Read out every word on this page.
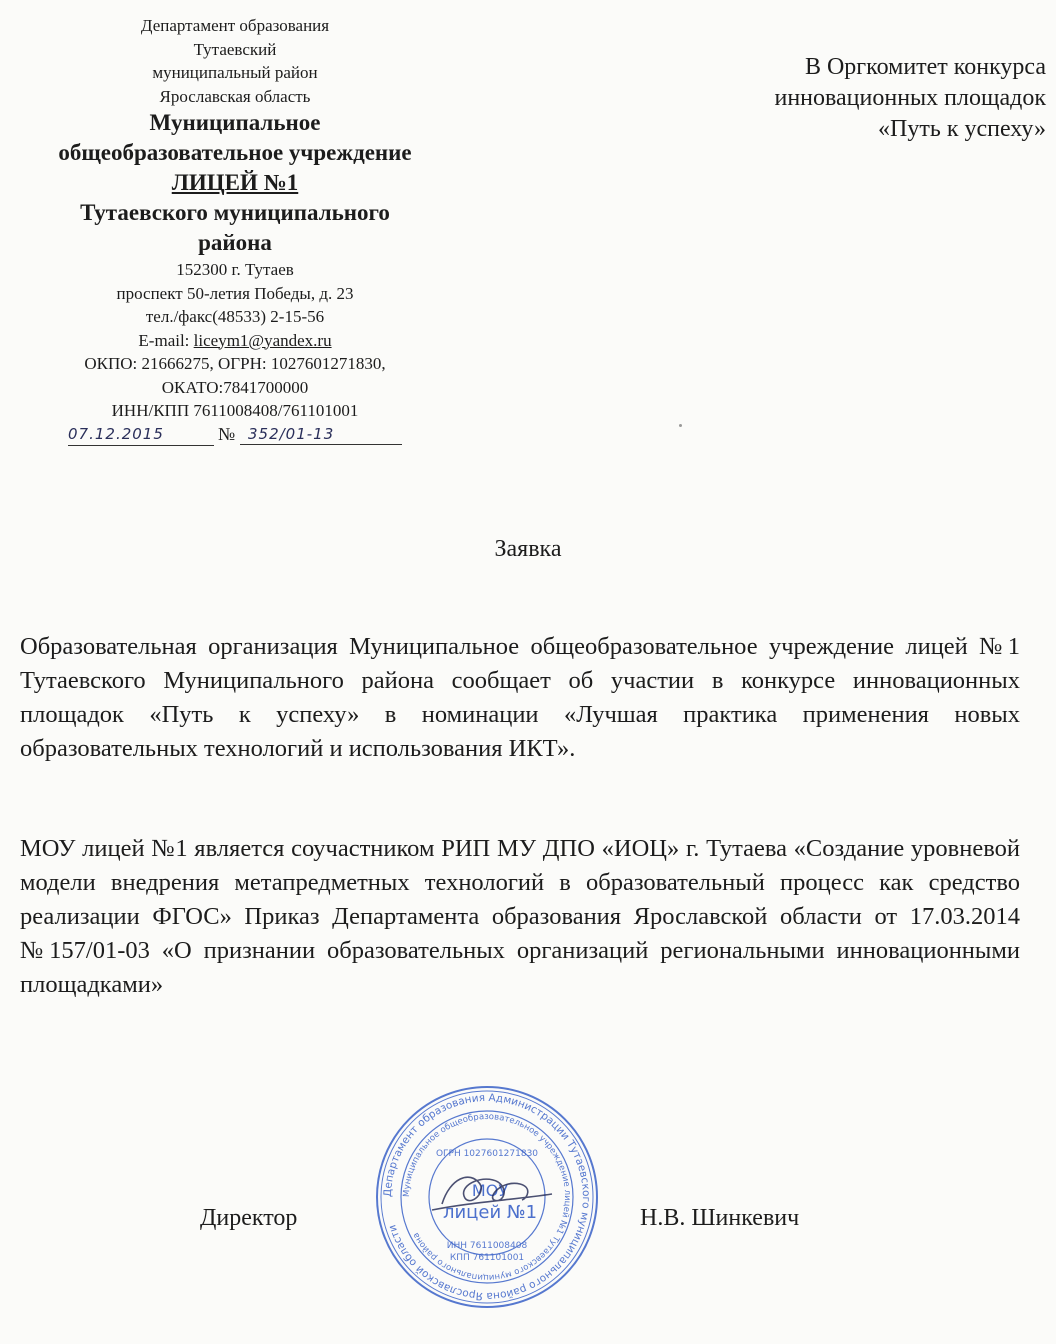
Департамент образования
Тутаевский
муниципальный район
Ярославская область
Муниципальное
общеобразовательное учреждение
ЛИЦЕЙ №1
Тутаевского муниципального
района
152300 г. Тутаев
проспект 50-летия Победы, д. 23
тел./факс(48533) 2-15-56
E-mail: liceym1@yandex.ru
ОКПО: 21666275, ОГРН: 1027601271830,
ОКАТО:7841700000
ИНН/КПП 7611008408/761101001
07.12.2015	№ 352/01-13
В Оргкомитет конкурса
инновационных площадок
«Путь к успеху»
Заявка

Образовательная организация Муниципальное общеобразовательное учреждение лицей №1 Тутаевского Муниципального района сообщает об участии в конкурсе инновационных площадок «Путь к успеху» в номинации «Лучшая практика применения новых образовательных технологий и использования ИКТ».

МОУ лицей №1 является соучастником РИП МУ ДПО «ИОЦ» г. Тутаева «Создание уровневой модели внедрения метапредметных технологий в образовательный процесс как средство реализации ФГОС» Приказ Департамента образования Ярославской области от 17.03.2014 №157/01-03 «О признании образовательных организаций региональными инновационными площадками»

Директор	Н.В. Шинкевич
Департамент образования Администрации Тутаевского муниципального района Ярославской области
Муниципальное общеобразовательное учреждение лицей №1 Тутаевского муниципального района
ОГРН 1027601271830
ИНН 7611008408
КПП 761101001
МОУ
лицей №1
